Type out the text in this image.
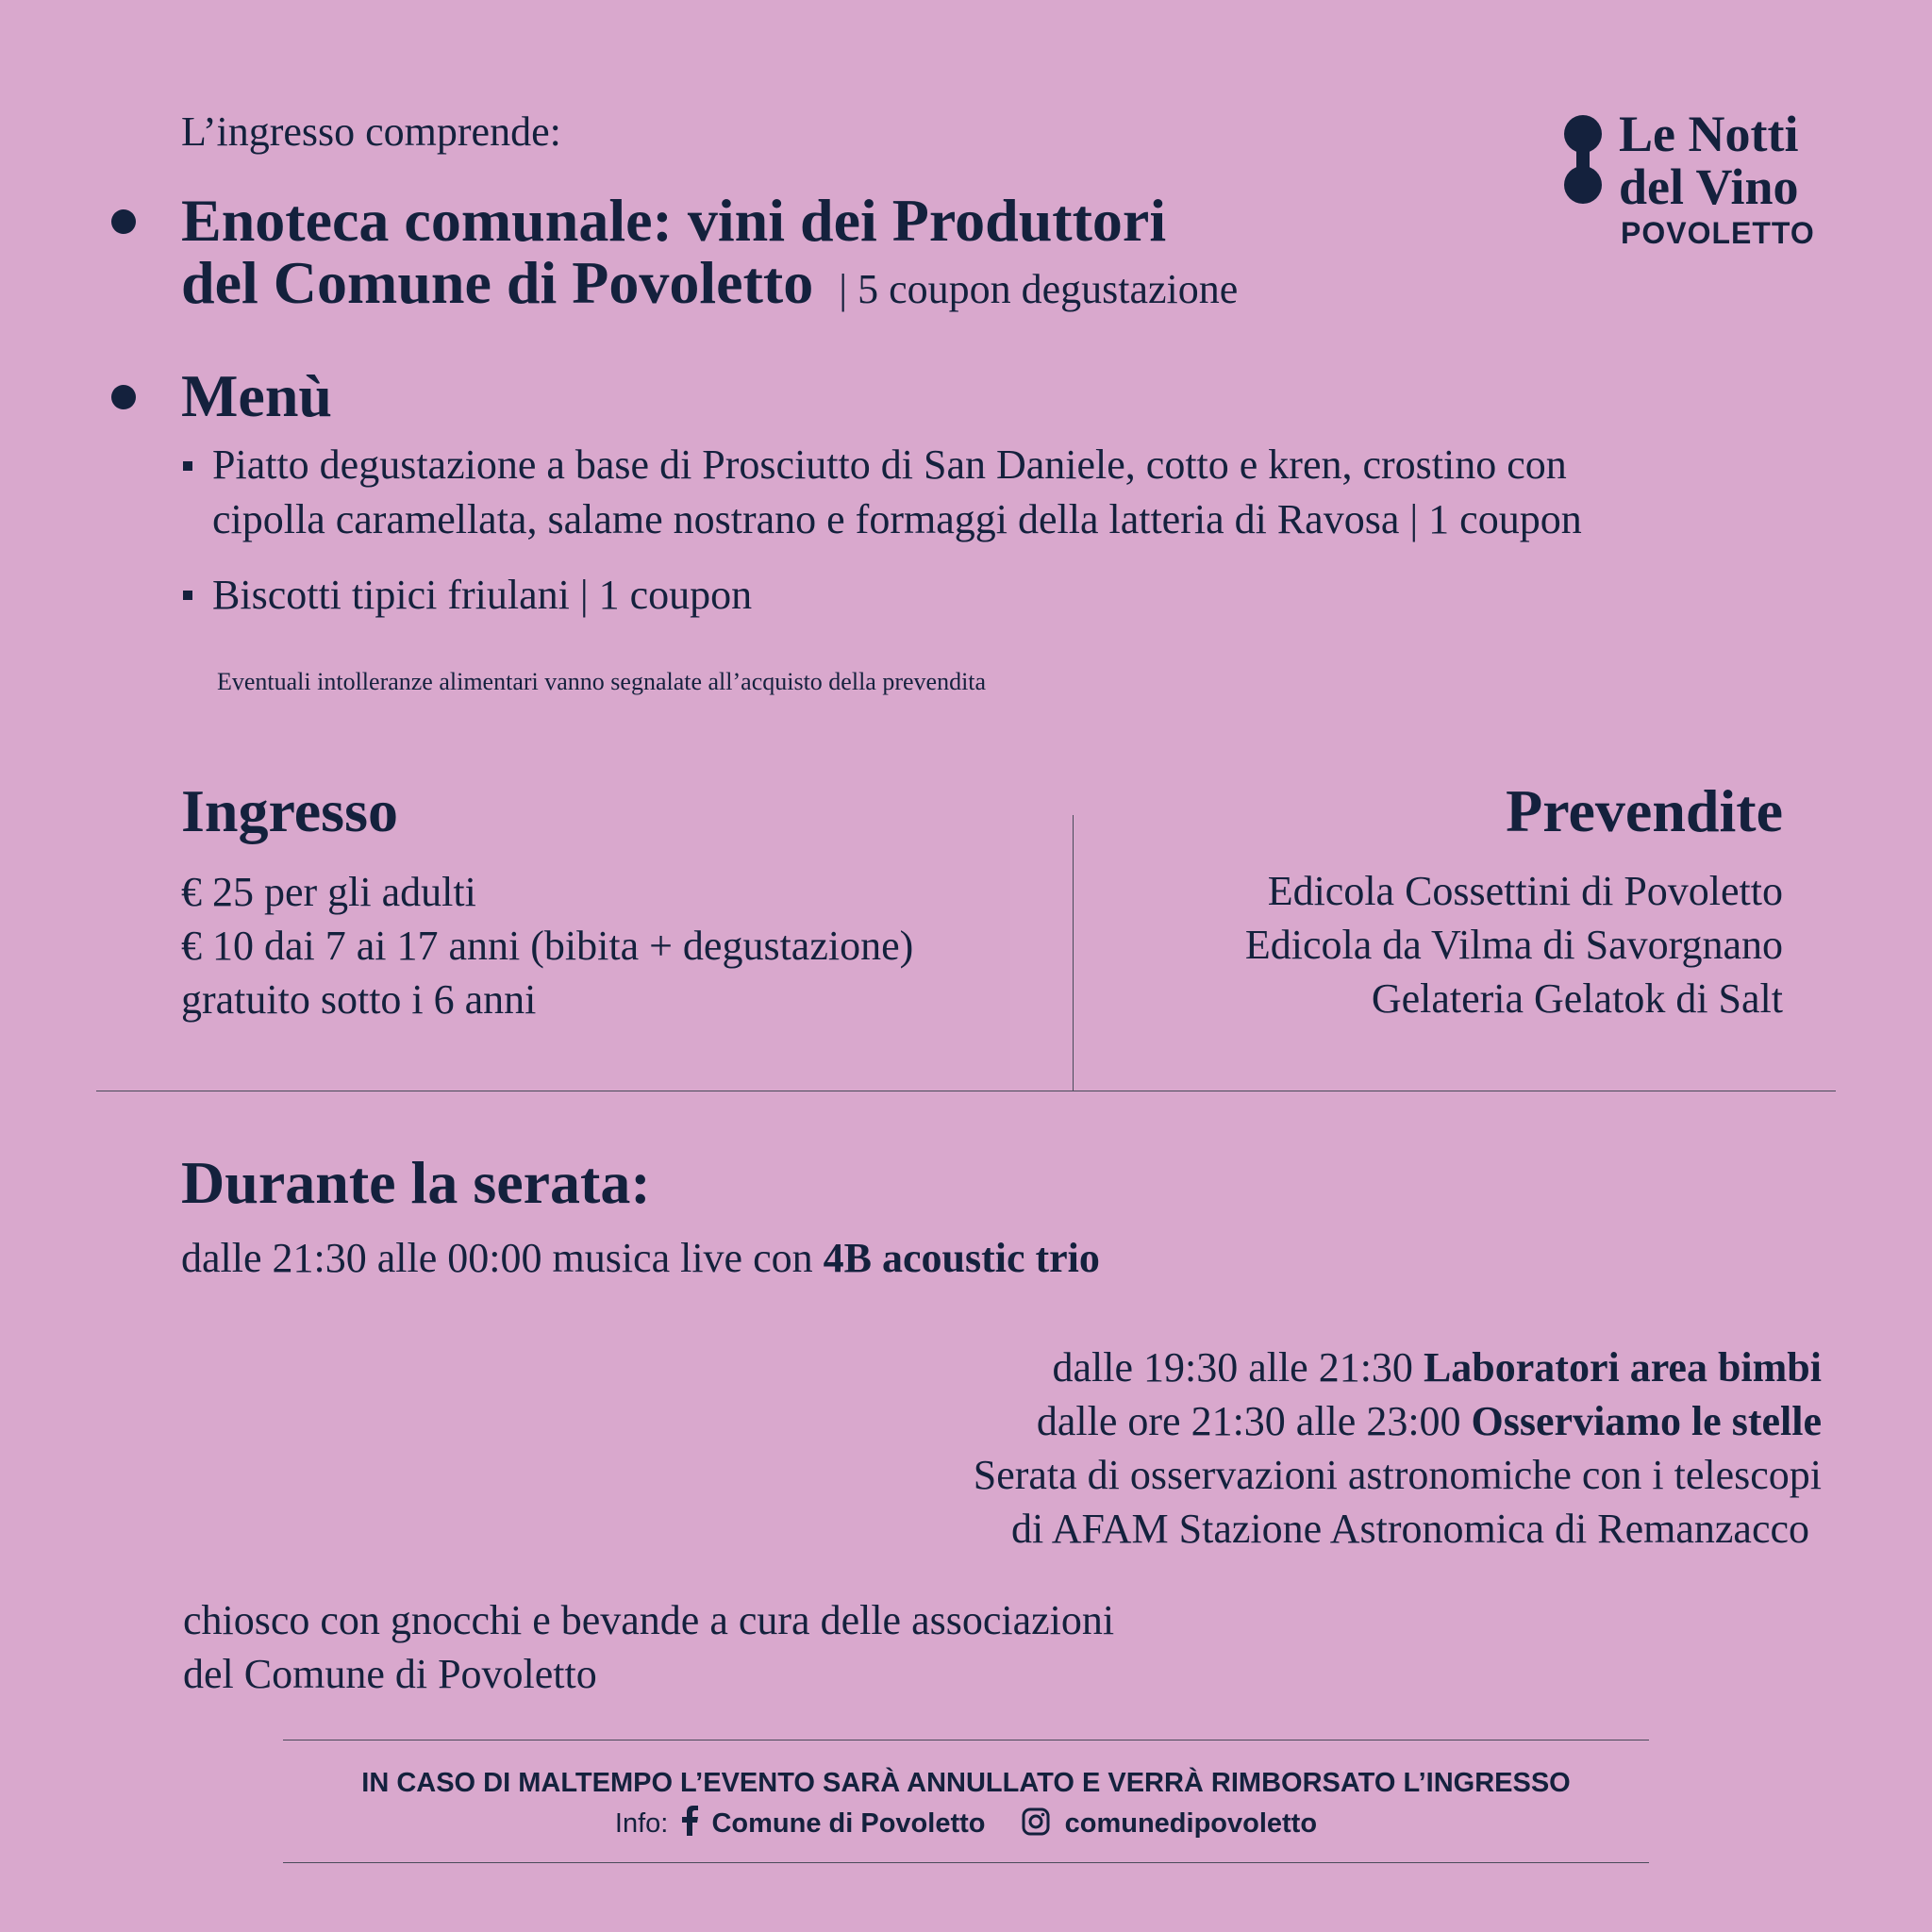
Le Notti
del Vino
POVOLETTO
L’ingresso comprende:
Enoteca comunale: vini dei Produttori
del Comune di Povoletto | 5 coupon degustazione
Menù
Piatto degustazione a base di Prosciutto di San Daniele, cotto e kren, crostino con
cipolla caramellata, salame nostrano e formaggi della latteria di Ravosa | 1 coupon
Biscotti tipici friulani | 1 coupon
Eventuali intolleranze alimentari vanno segnalate all’acquisto della prevendita
Ingresso
€ 25 per gli adulti
€ 10 dai 7 ai 17 anni (bibita + degustazione)
gratuito sotto i 6 anni
Prevendite
Edicola Cossettini di Povoletto
Edicola da Vilma di Savorgnano
Gelateria Gelatok di Salt
Durante la serata:
dalle 21:30 alle 00:00 musica live con 4B acoustic trio
dalle 19:30 alle 21:30 Laboratori area bimbi
dalle ore 21:30 alle 23:00 Osserviamo le stelle
Serata di osservazioni astronomiche con i telescopi
di AFAM Stazione Astronomica di Remanzacco
chiosco con gnocchi e bevande a cura delle associazioni
del Comune di Povoletto
IN CASO DI MALTEMPO L’EVENTO SARÀ ANNULLATO E VERRÀ RIMBORSATO L’INGRESSO
Info: Comune di Povoletto	comunedipovoletto
